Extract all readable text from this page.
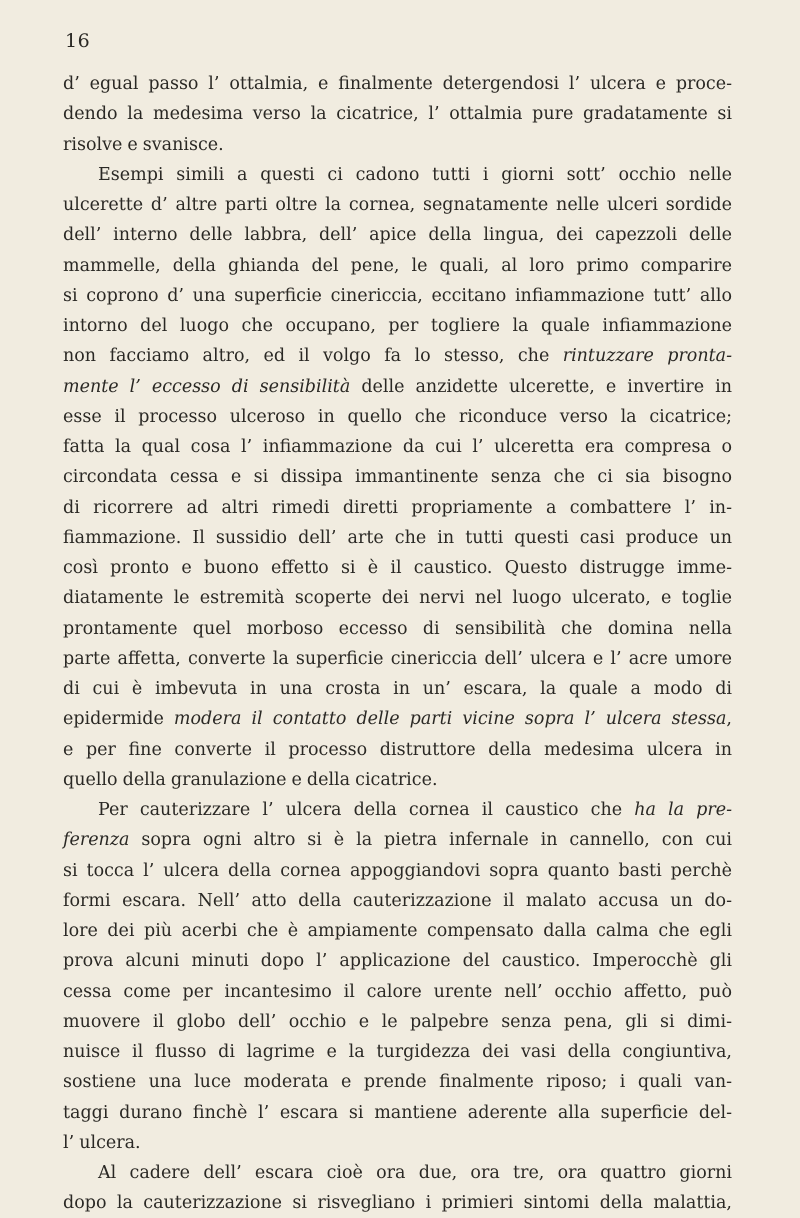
16
d’ egual passo l’ ottalmia, e finalmente detergendosi l’ ulcera e proce-
dendo la medesima verso la cicatrice, l’ ottalmia pure gradatamente si
risolve e svanisce.
Esempi simili a questi ci cadono tutti i giorni sott’ occhio nelle
ulcerette d’ altre parti oltre la cornea, segnatamente nelle ulceri sordide
dell’ interno delle labbra, dell’ apice della lingua, dei capezzoli delle
mammelle, della ghianda del pene, le quali, al loro primo comparire
si coprono d’ una superficie cinericcia, eccitano infiammazione tutt’ allo
intorno del luogo che occupano, per togliere la quale infiammazione
non facciamo altro, ed il volgo fa lo stesso, che rintuzzare pronta-
mente l’ eccesso di sensibilità delle anzidette ulcerette, e invertire in
esse il processo ulceroso in quello che riconduce verso la cicatrice;
fatta la qual cosa l’ infiammazione da cui l’ ulceretta era compresa o
circondata cessa e si dissipa immantinente senza che ci sia bisogno
di ricorrere ad altri rimedi diretti propriamente a combattere l’ in-
fiammazione. Il sussidio dell’ arte che in tutti questi casi produce un
così pronto e buono effetto si è il caustico. Questo distrugge imme-
diatamente le estremità scoperte dei nervi nel luogo ulcerato, e toglie
prontamente quel morboso eccesso di sensibilità che domina nella
parte affetta, converte la superficie cinericcia dell’ ulcera e l’ acre umore
di cui è imbevuta in una crosta in un’ escara, la quale a modo di
epidermide modera il contatto delle parti vicine sopra l’ ulcera stessa,
e per fine converte il processo distruttore della medesima ulcera in
quello della granulazione e della cicatrice.
Per cauterizzare l’ ulcera della cornea il caustico che ha la pre-
ferenza sopra ogni altro si è la pietra infernale in cannello, con cui
si tocca l’ ulcera della cornea appoggiandovi sopra quanto basti perchè
formi escara. Nell’ atto della cauterizzazione il malato accusa un do-
lore dei più acerbi che è ampiamente compensato dalla calma che egli
prova alcuni minuti dopo l’ applicazione del caustico. Imperocchè gli
cessa come per incantesimo il calore urente nell’ occhio affetto, può
muovere il globo dell’ occhio e le palpebre senza pena, gli si dimi-
nuisce il flusso di lagrime e la turgidezza dei vasi della congiuntiva,
sostiene una luce moderata e prende finalmente riposo; i quali van-
taggi durano finchè l’ escara si mantiene aderente alla superficie del-
l’ ulcera.
Al cadere dell’ escara cioè ora due, ora tre, ora quattro giorni
dopo la cauterizzazione si risvegliano i primieri sintomi della malattia,
